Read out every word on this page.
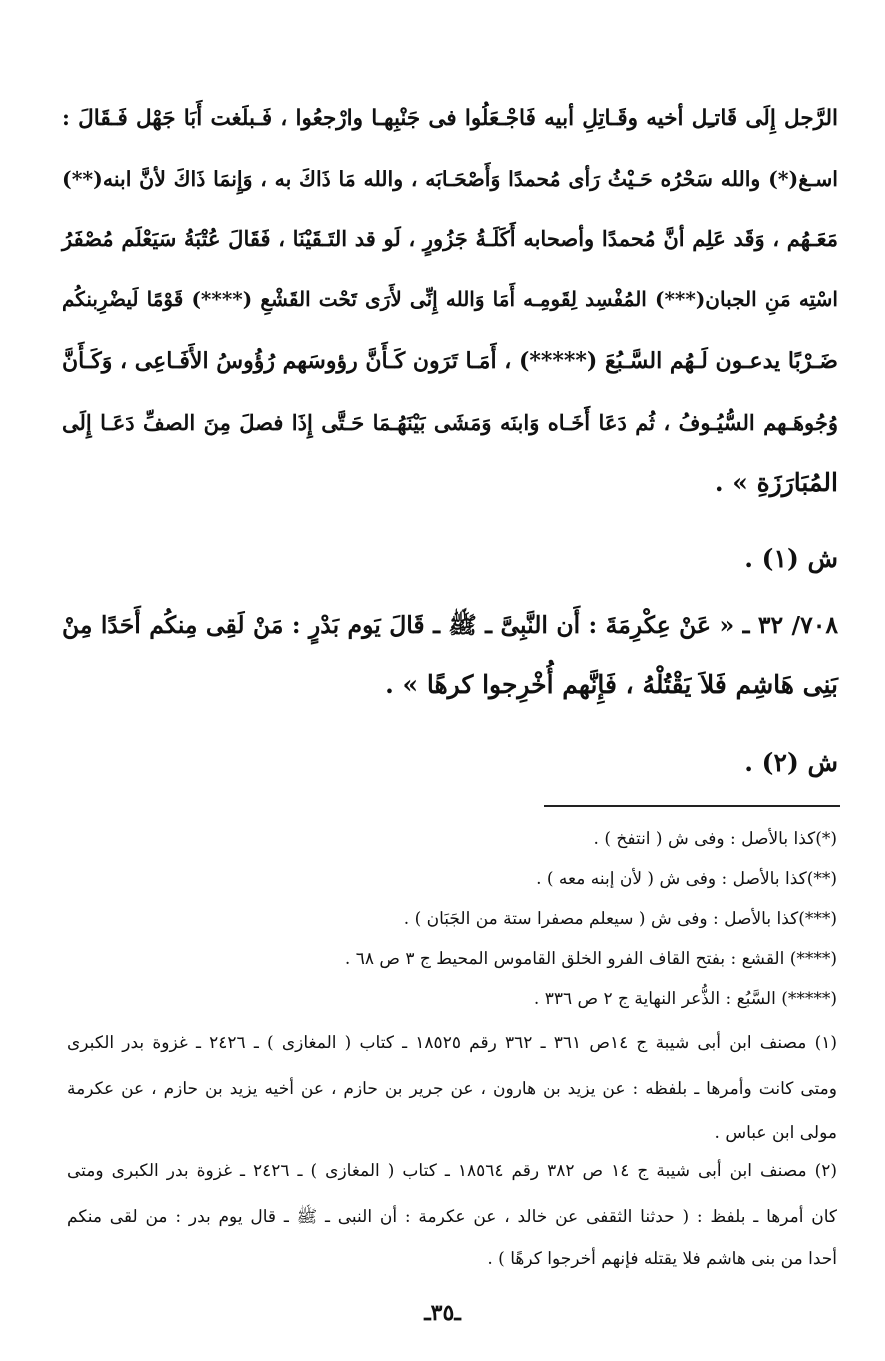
الرَّجل إِلَى قَاتـِل أخيه وقَـاتِلِ أبيه فَاجْـعَلُوا فى جَنْبِهـا وارْجعُوا ، فَـبلَغت أَبَا جَهْل فَـقَالَ :
اسـغ(*) والله سَحْرُه حَـيْثُ رَأى مُحمدًا وَأَصْحَـابَه ، والله مَا ذَاكَ به ، وَإِنمَا ذَاكَ لأنَّ ابنه(**)
مَعَـهُم ، وَقَد عَلِم أنَّ مُحمدًا وأصحابه أَكَلَـةُ جَزُورٍ ، لَو قد التَـقَيْنَا ، فَقَالَ عُتْبَةُ سَيَعْلَم مُصْفَرُ
اسْتِه مَنِ الجبان(***) المُفْسِد لِقَومِـه أَمَا وَالله إِنِّى لأَرَى تَحْت القَشْعِ (****) قَوْمًا لَيضْرِبنكُم
ضَـرْبًا يدعـون لَـهُم السَّـبُعَ (*****) ، أَمَـا تَرَون كَـأَنَّ رؤوسَهم رُؤُوسُ الأَفَـاعِى ، وَكَـأَنَّ
وُجُوهَـهم السُّيُـوفُ ، ثُم دَعَا أَخَـاه وَابنَه وَمَشَى بَيْنَهُـمَا حَـتَّى إِذَا فصلَ مِنَ الصفِّ دَعَـا إِلَى
المُبَارَزَةِ » .
ش (١) .
٧٠٨/ ٣٢ ـ « عَنْ عِكْرِمَةَ : أَن النَّبِىَّ ـ ﷺ ـ قَالَ يَوم بَدْرٍ : مَنْ لَقِى مِنكُم أَحَدًا مِنْ
بَنِى هَاشِم فَلاَ يَقْتُلْهُ ، فَإِنَّهم أُخْرِجوا كرهًا » .
ش (٢) .
(*)كذا بالأصل : وفى ش ( انتفخ ) .
(**)كذا بالأصل : وفى ش ( لأن إبنه معه ) .
(***)كذا بالأصل : وفى ش ( سيعلم مصفرا ستة من الجَبَان ) .
(****) القشع : بفتح القاف الفرو الخلق القاموس المحيط ج ٣ ص ٦٨ .
(*****) السَّبُع : الذُّعر النهاية ج ٢ ص ٣٣٦ .
(١) مصنف ابن أبى شيبة ج ١٤ص ٣٦١ ـ ٣٦٢ رقم ١٨٥٢٥ ـ كتاب ( المغازى ) ـ ٢٤٢٦ ـ غزوة بدر الكبرى
ومتى كانت وأمرها ـ بلفظه : عن يزيد بن هارون ، عن جرير بن حازم ، عن أخيه يزيد بن حازم ، عن عكرمة
مولى ابن عباس .
(٢) مصنف ابن أبى شيبة ج ١٤ ص ٣٨٢ رقم ١٨٥٦٤ ـ كتاب ( المغازى ) ـ ٢٤٢٦ ـ غزوة بدر الكبرى ومتى
كان أمرها ـ بلفظ : ( حدثنا الثقفى عن خالد ، عن عكرمة : أن النبى ـ ﷺ ـ قال يوم بدر : من لقى منكم
أحدا من بنى هاشم فلا يقتله فإنهم أخرجوا كرهًا ) .
ـ٣٥ـ
